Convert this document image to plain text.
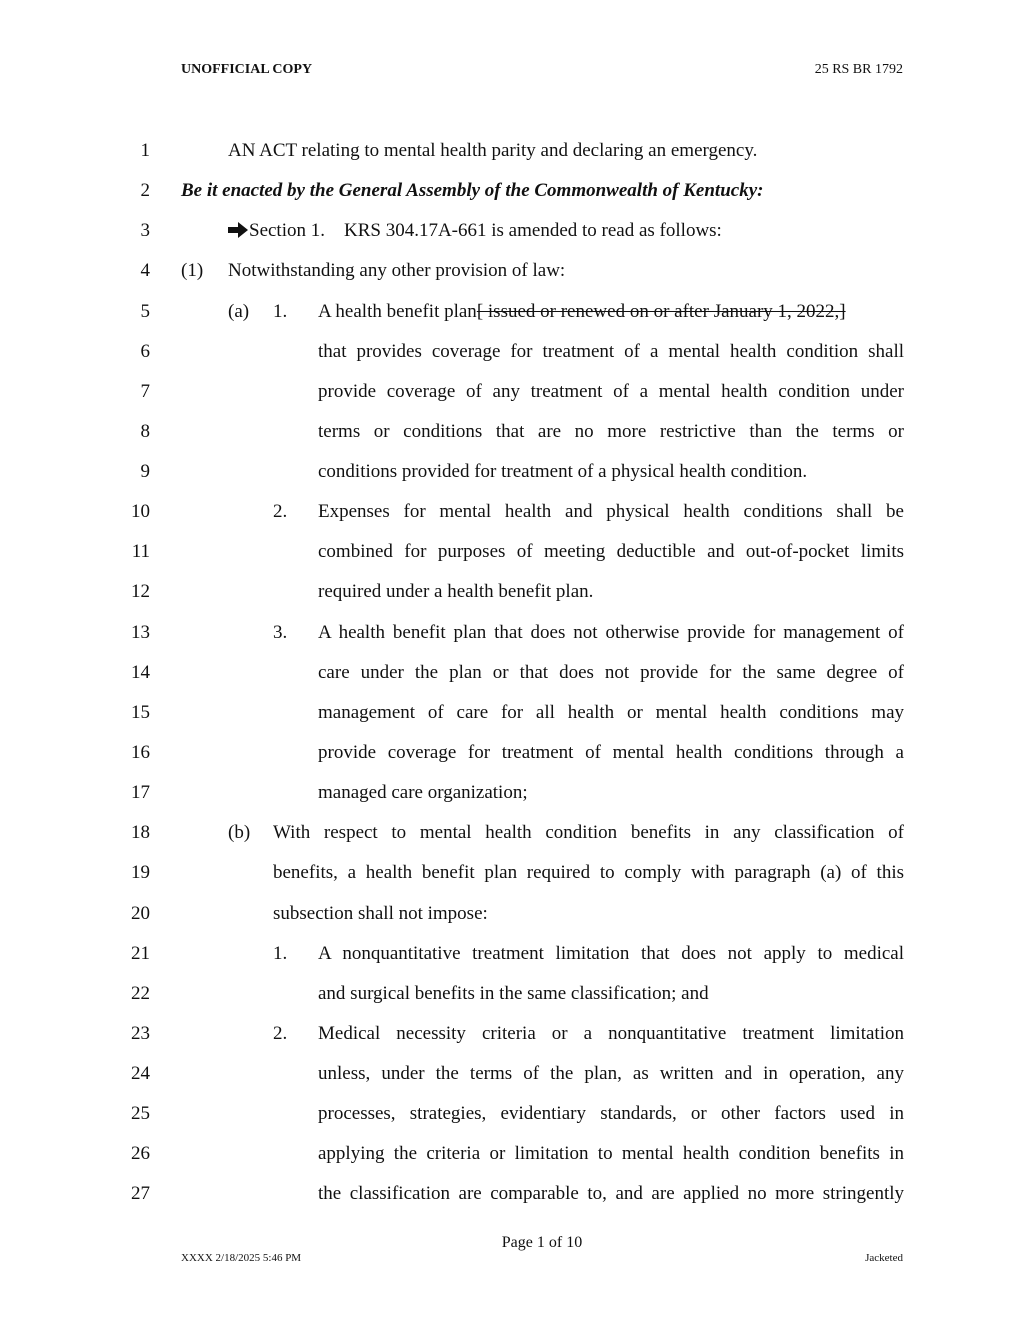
UNOFFICIAL COPY	25 RS BR 1792
1	AN ACT relating to mental health parity and declaring an emergency.
2 Be it enacted by the General Assembly of the Commonwealth of Kentucky:
3	Section 1. KRS 304.17A-661 is amended to read as follows:
4 (1) Notwithstanding any other provision of law:
5	(a) 1. A health benefit plan[ issued or renewed on or after January 1, 2022,]
6	that provides coverage for treatment of a mental health condition shall
7	provide coverage of any treatment of a mental health condition under
8	terms or conditions that are no more restrictive than the terms or
9	conditions provided for treatment of a physical health condition.
10	2. Expenses for mental health and physical health conditions shall be
11	combined for purposes of meeting deductible and out-of-pocket limits
12	required under a health benefit plan.
13	3. A health benefit plan that does not otherwise provide for management of
14	care under the plan or that does not provide for the same degree of
15	management of care for all health or mental health conditions may
16	provide coverage for treatment of mental health conditions through a
17	managed care organization;
18	(b) With respect to mental health condition benefits in any classification of
19	benefits, a health benefit plan required to comply with paragraph (a) of this
20	subsection shall not impose:
21	1. A nonquantitative treatment limitation that does not apply to medical
22	and surgical benefits in the same classification; and
23	2. Medical necessity criteria or a nonquantitative treatment limitation
24	unless, under the terms of the plan, as written and in operation, any
25	processes, strategies, evidentiary standards, or other factors used in
26	applying the criteria or limitation to mental health condition benefits in
27	the classification are comparable to, and are applied no more stringently
Page 1 of 10
XXXX 2/18/2025 5:46 PM	Jacketed
